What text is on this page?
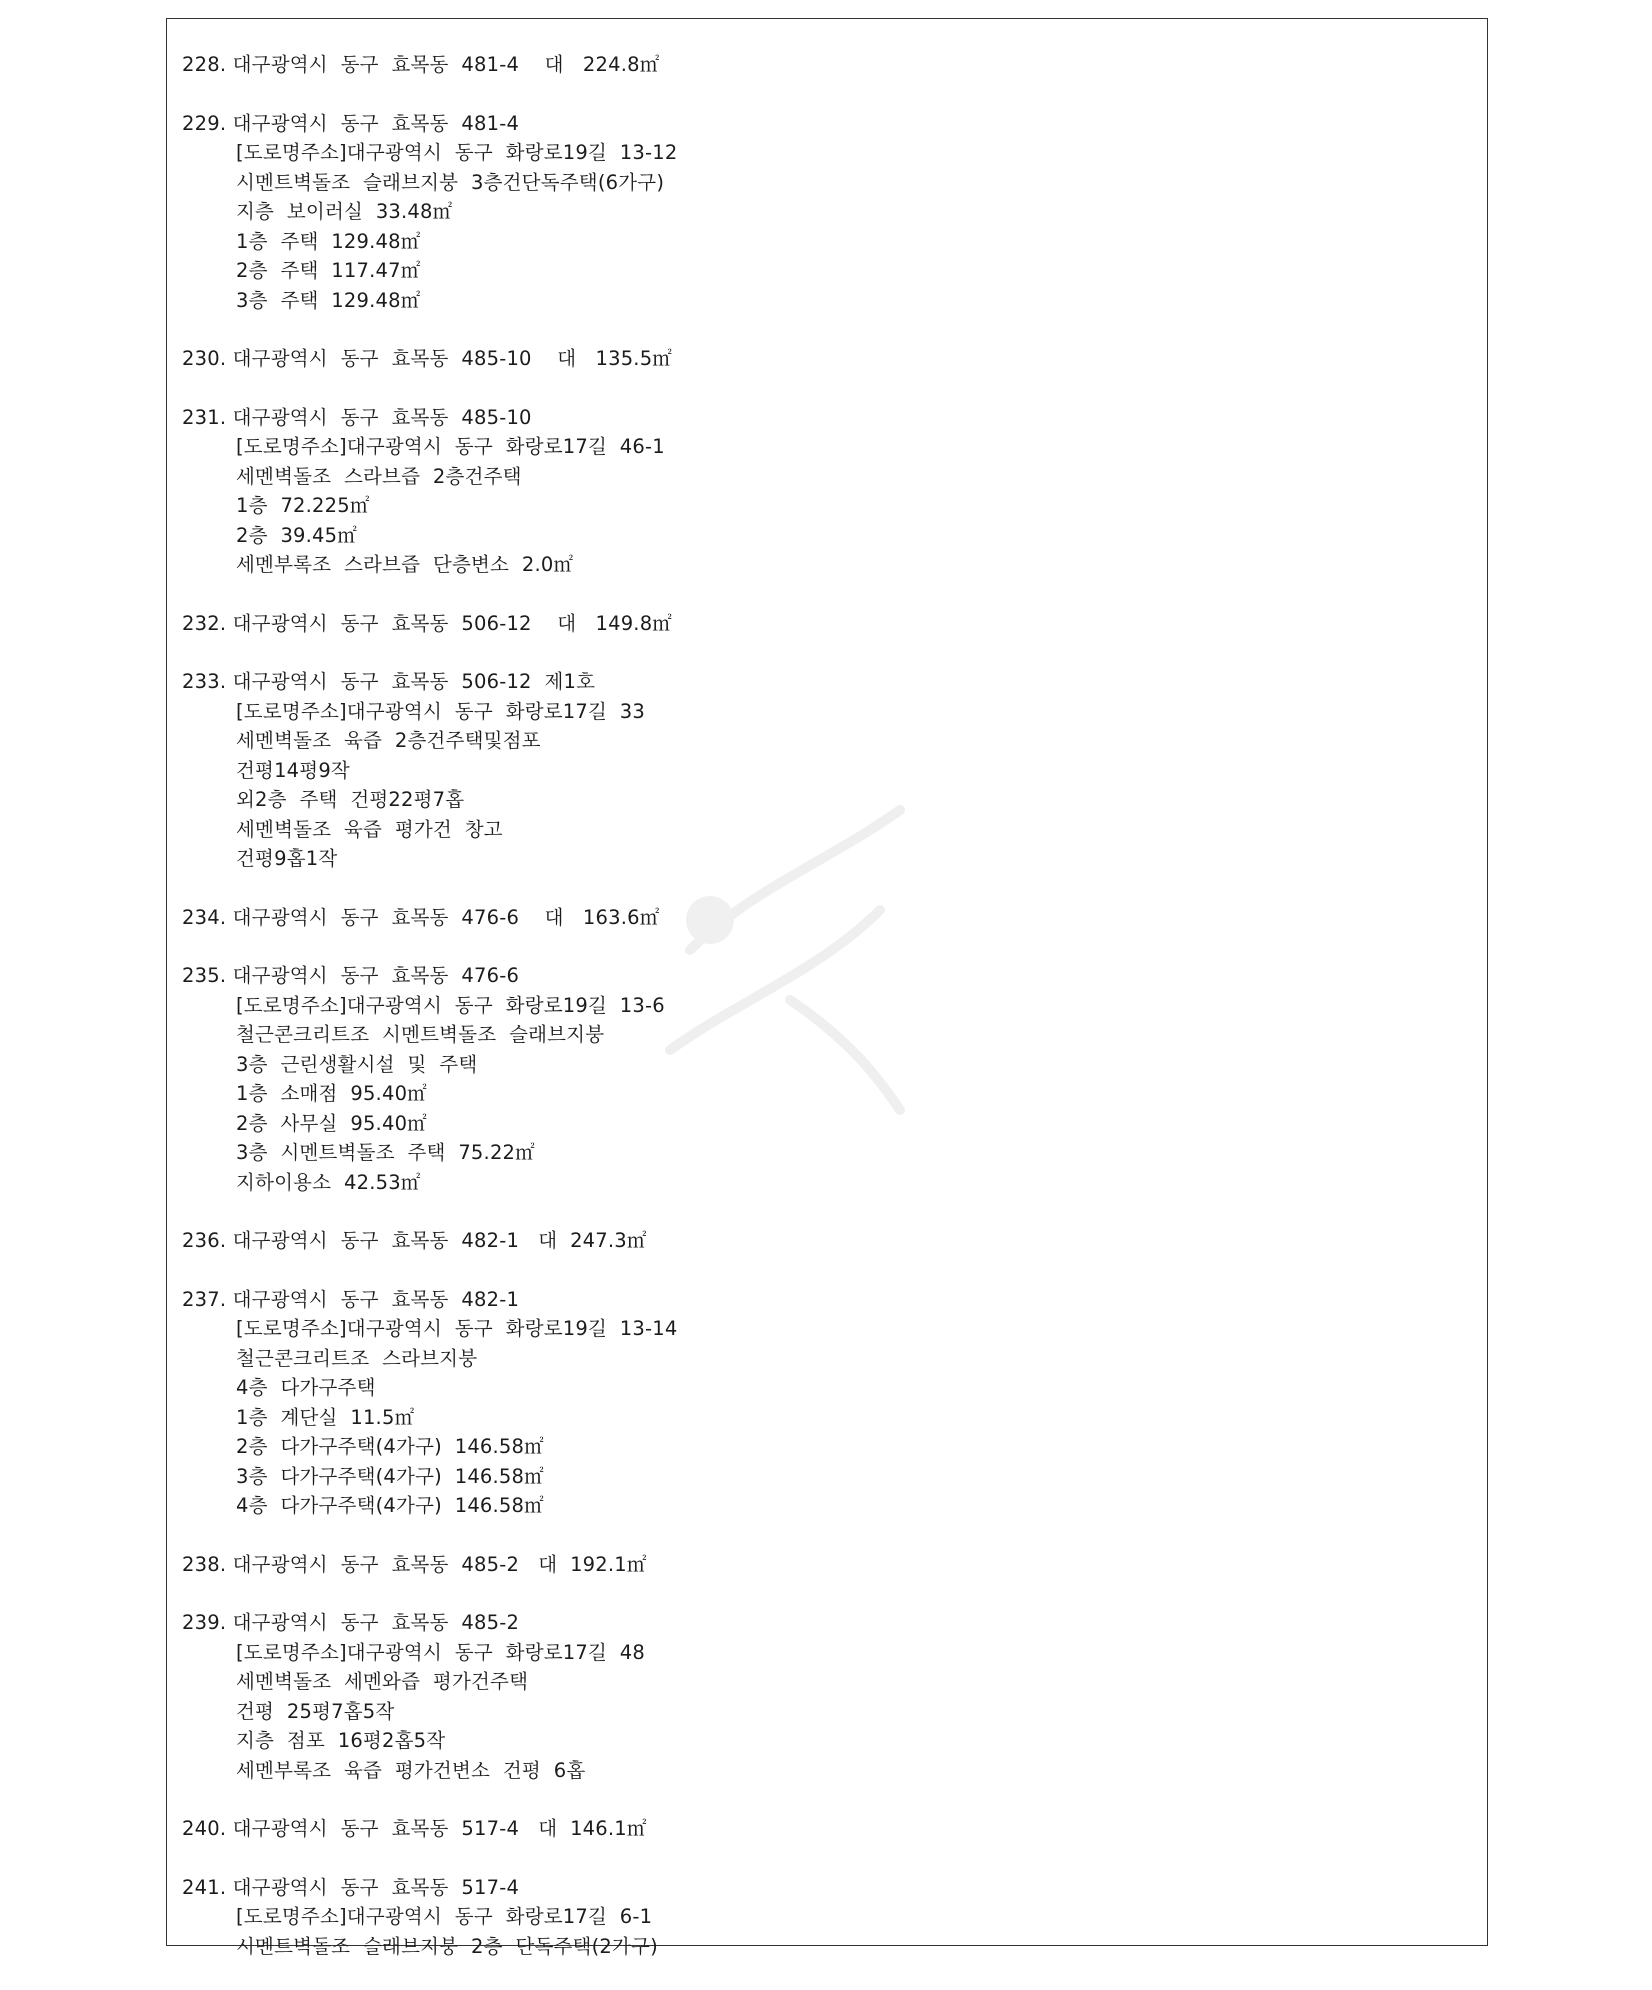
228. 대구광역시  동구  효목동  481-4    대   224.8㎡
229. 대구광역시  동구  효목동  481-4
[도로명주소]대구광역시  동구  화랑로19길  13-12
시멘트벽돌조  슬래브지붕  3층건단독주택(6가구)
지층  보이러실  33.48㎡
1층  주택  129.48㎡
2층  주택  117.47㎡
3층  주택  129.48㎡
230. 대구광역시  동구  효목동  485-10    대   135.5㎡
231. 대구광역시  동구  효목동  485-10
[도로명주소]대구광역시  동구  화랑로17길  46-1
세멘벽돌조  스라브즙  2층건주택
1층  72.225㎡
2층  39.45㎡
세멘부록조  스라브즙  단층변소  2.0㎡
232. 대구광역시  동구  효목동  506-12    대   149.8㎡
233. 대구광역시  동구  효목동  506-12  제1호
[도로명주소]대구광역시  동구  화랑로17길  33
세멘벽돌조  육즙  2층건주택및점포
건평14평9작
외2층  주택  건평22평7홉
세멘벽돌조  육즙  평가건  창고
건평9홉1작
234. 대구광역시  동구  효목동  476-6    대   163.6㎡
235. 대구광역시  동구  효목동  476-6
[도로명주소]대구광역시  동구  화랑로19길  13-6
철근콘크리트조  시멘트벽돌조  슬래브지붕
3층  근린생활시설  및  주택
1층  소매점  95.40㎡
2층  사무실  95.40㎡
3층  시멘트벽돌조  주택  75.22㎡
지하이용소  42.53㎡
236. 대구광역시  동구  효목동  482-1   대  247.3㎡
237. 대구광역시  동구  효목동  482-1
[도로명주소]대구광역시  동구  화랑로19길  13-14
철근콘크리트조  스라브지붕
4층  다가구주택
1층  계단실  11.5㎡
2층  다가구주택(4가구)  146.58㎡
3층  다가구주택(4가구)  146.58㎡
4층  다가구주택(4가구)  146.58㎡
238. 대구광역시  동구  효목동  485-2   대  192.1㎡
239. 대구광역시  동구  효목동  485-2
[도로명주소]대구광역시  동구  화랑로17길  48
세멘벽돌조  세멘와즙  평가건주택
건평  25평7홉5작
지층  점포  16평2홉5작
세멘부록조  육즙  평가건변소  건평  6홉
240. 대구광역시  동구  효목동  517-4   대  146.1㎡
241. 대구광역시  동구  효목동  517-4
[도로명주소]대구광역시  동구  화랑로17길  6-1
시멘트벽돌조  슬래브지붕  2층  단독주택(2가구)
